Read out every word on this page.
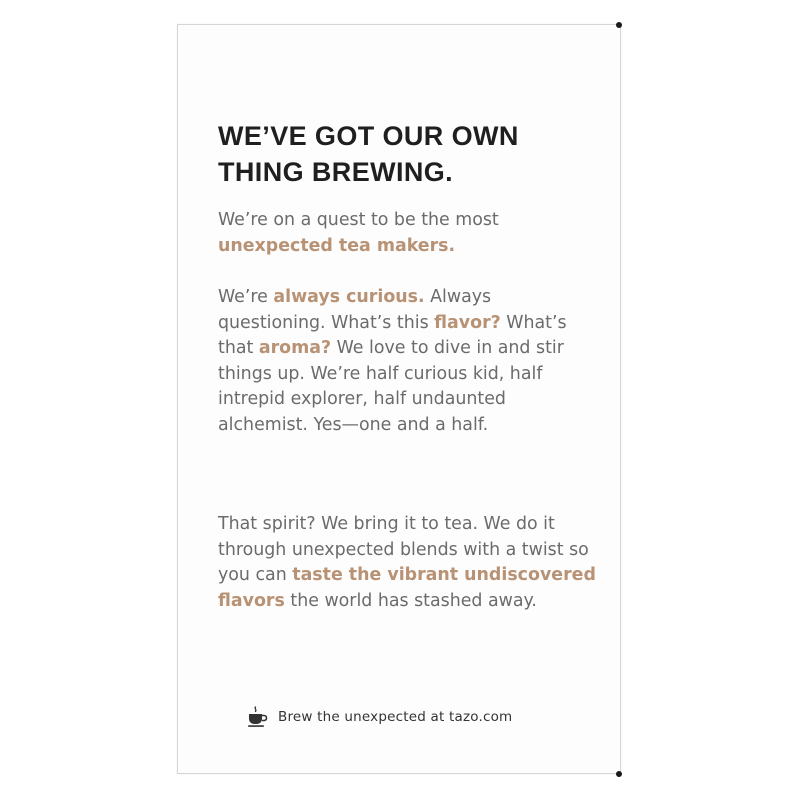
WE’VE GOT OUR OWN
THING BREWING.

We’re on a quest to be the most unexpected tea makers.

We’re always curious. Always questioning. What’s this flavor? What’s that aroma? We love to dive in and stir things up. We’re half curious kid, half intrepid explorer, half undaunted alchemist. Yes—one and a half.

That spirit? We bring it to tea. We do it through unexpected blends with a twist so you can taste the vibrant undiscovered flavors the world has stashed away.

Brew the unexpected at tazo.com
